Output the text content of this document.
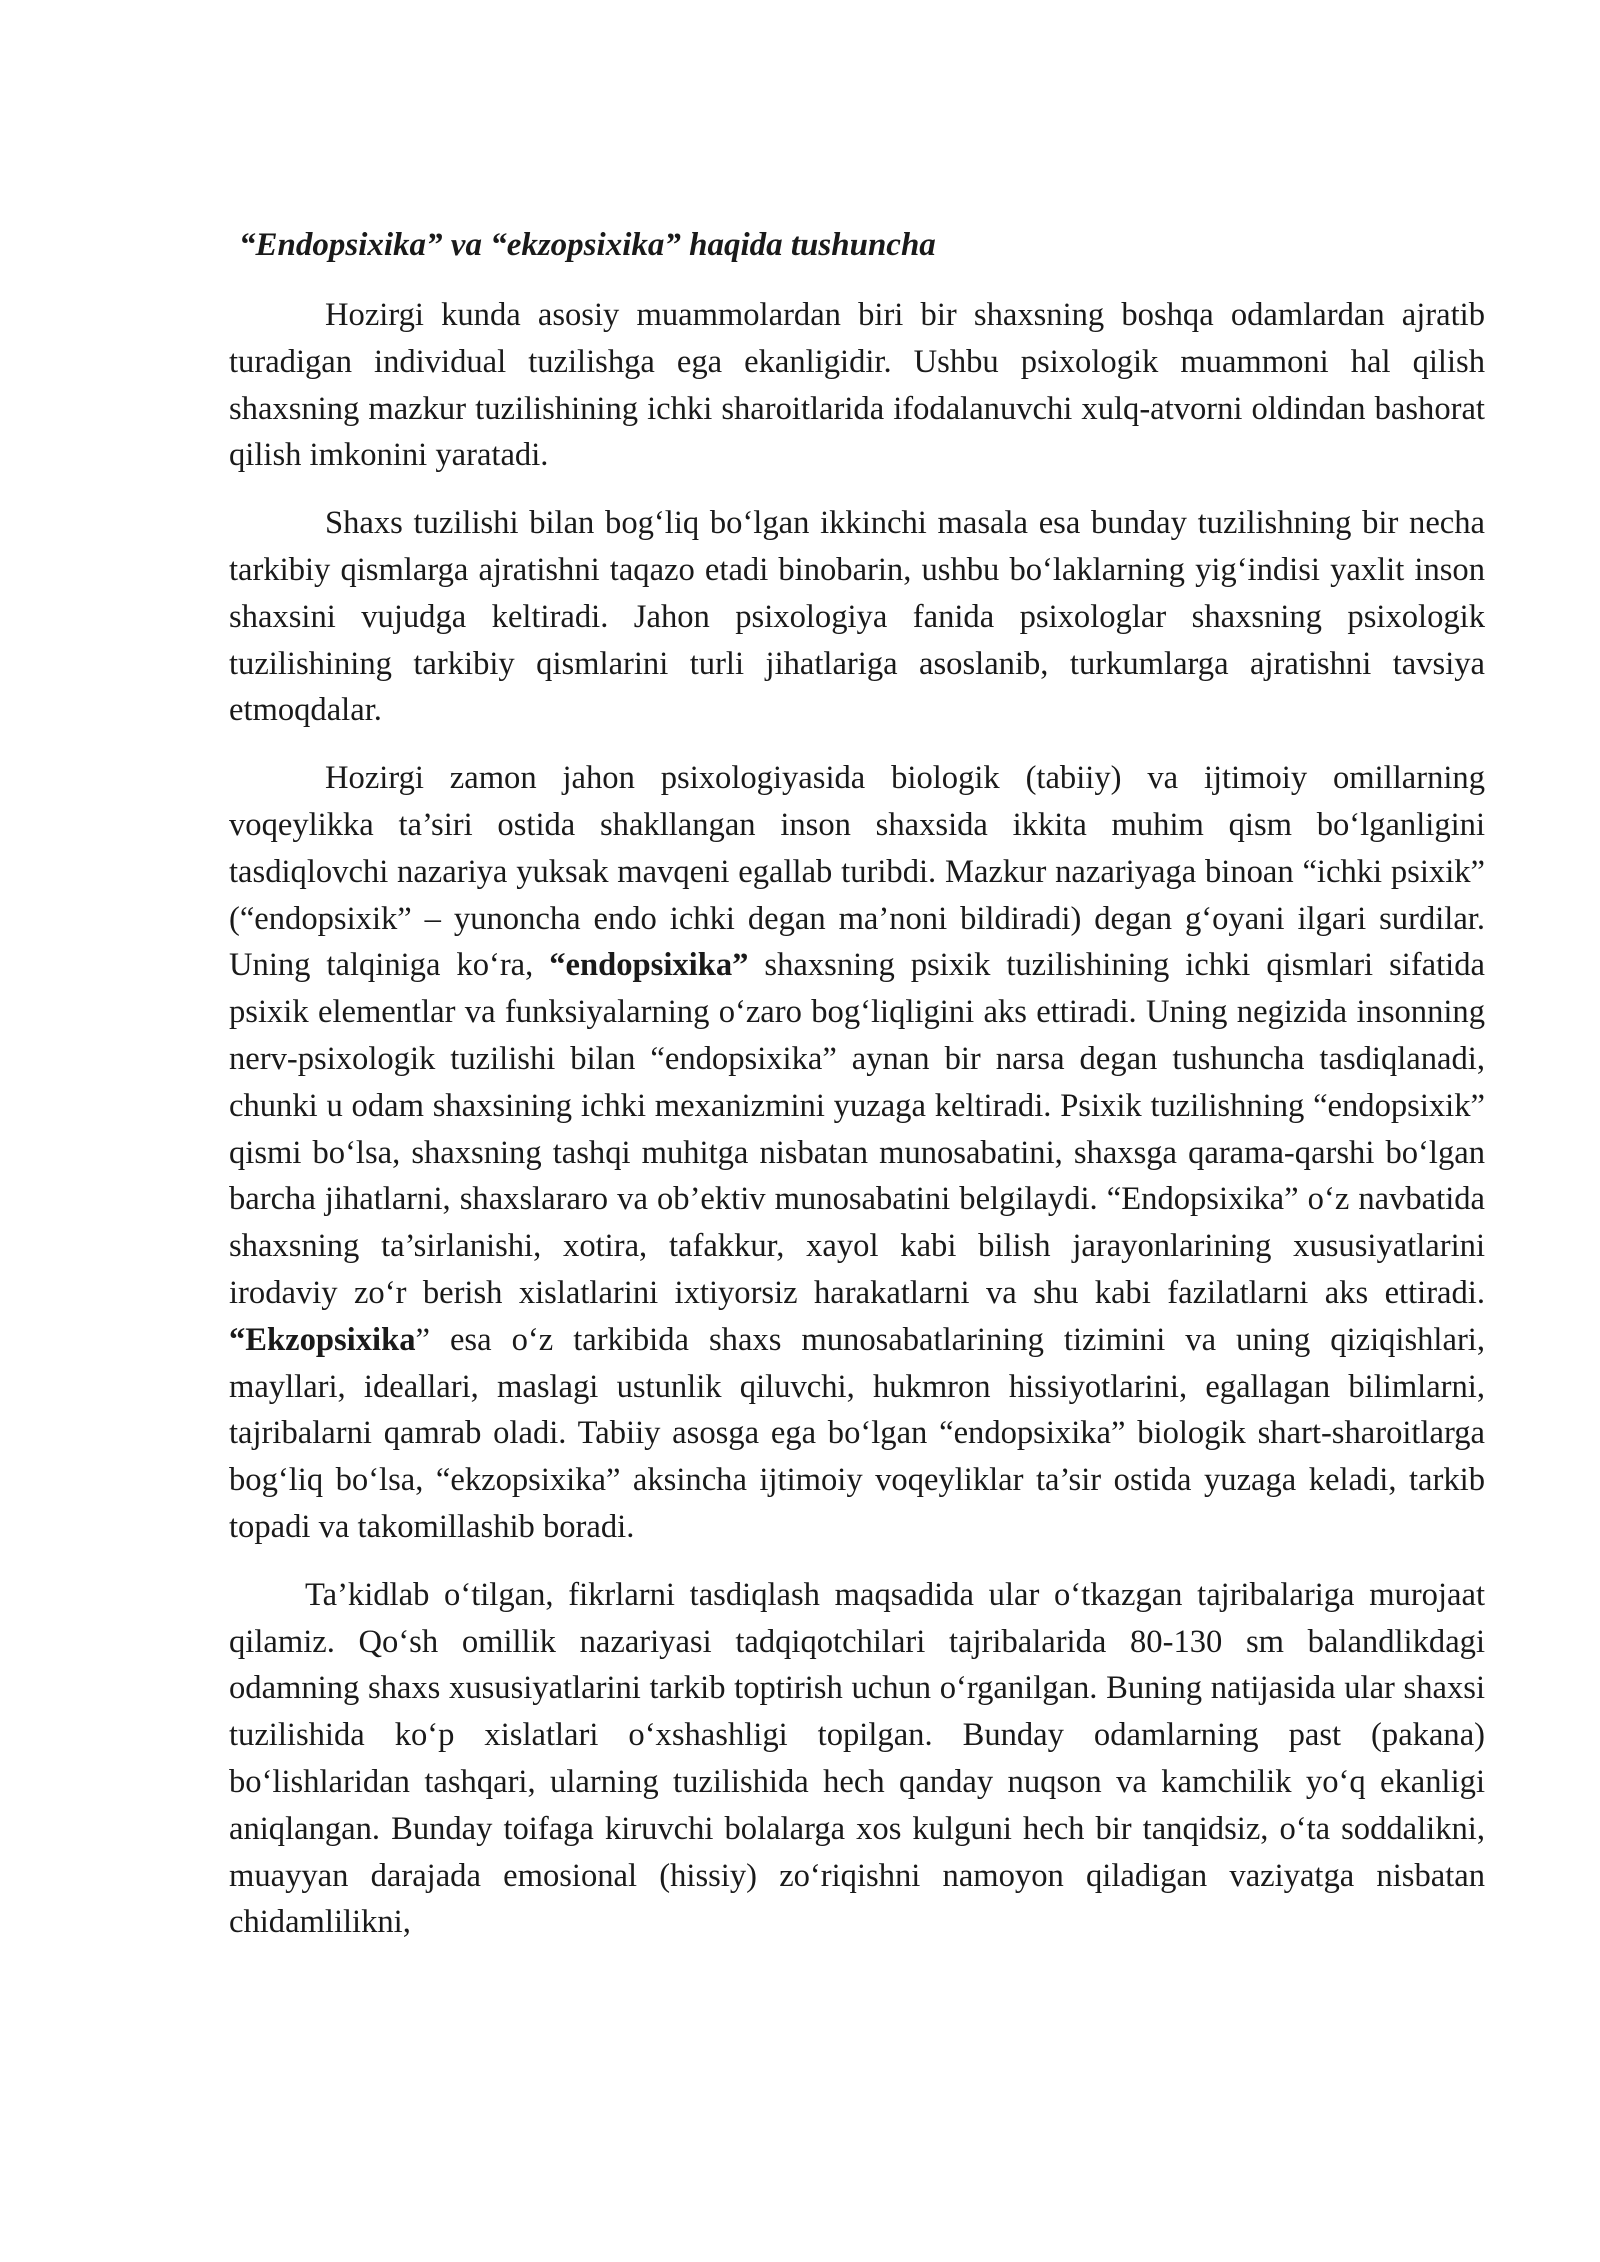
“Endopsixika” va “ekzopsixika” haqida tushuncha

Hozirgi kunda asosiy muammolardan biri bir shaxsning boshqa odamlardan ajratib turadigan individual tuzilishga ega ekanligidir. Ushbu psixologik muammoni hal qilish shaxsning mazkur tuzilishining ichki sharoitlarida ifodalanuvchi xulq-atvorni oldindan bashorat qilish imkonini yaratadi.

Shaxs tuzilishi bilan bog‘liq bo‘lgan ikkinchi masala esa bunday tuzilishning bir necha tarkibiy qismlarga ajratishni taqazo etadi binobarin, ushbu bo‘laklarning yig‘indisi yaxlit inson shaxsini vujudga keltiradi. Jahon psixologiya fanida psixologlar shaxsning psixologik tuzilishining tarkibiy qismlarini turli jihatlariga asoslanib, turkumlarga ajratishni tavsiya etmoqdalar.

Hozirgi zamon jahon psixologiyasida biologik (tabiiy) va ijtimoiy omillarning voqeylikka ta’siri ostida shakllangan inson shaxsida ikkita muhim qism bo‘lganligini tasdiqlovchi nazariya yuksak mavqeni egallab turibdi. Mazkur nazariyaga binoan “ichki psixik” (“endopsixik” – yunoncha endo ichki degan ma’noni bildiradi) degan g‘oyani ilgari surdilar. Uning talqiniga ko‘ra, “endopsixika” shaxsning psixik tuzilishining ichki qismlari sifatida psixik elementlar va funksiyalarning o‘zaro bog‘liqligini aks ettiradi. Uning negizida insonning nerv-psixologik tuzilishi bilan “endopsixika” aynan bir narsa degan tushuncha tasdiqlanadi, chunki u odam shaxsining ichki mexanizmini yuzaga keltiradi. Psixik tuzilishning “endopsixik” qismi bo‘lsa, shaxsning tashqi muhitga nisbatan munosabatini, shaxsga qarama-qarshi bo‘lgan barcha jihatlarni, shaxslararo va ob’ektiv munosabatini belgilaydi. “Endopsixika” o‘z navbatida shaxsning ta’sirlanishi, xotira, tafakkur, xayol kabi bilish jarayonlarining xususiyatlarini irodaviy zo‘r berish xislatlarini ixtiyorsiz harakatlarni va shu kabi fazilatlarni aks ettiradi. “Ekzopsixika” esa o‘z tarkibida shaxs munosabatlarining tizimini va uning qiziqishlari, mayllari, ideallari, maslagi ustunlik qiluvchi, hukmron hissiyotlarini, egallagan bilimlarni, tajribalarni qamrab oladi. Tabiiy asosga ega bo‘lgan “endopsixika” biologik shart-sharoitlarga bog‘liq bo‘lsa, “ekzopsixika” aksincha ijtimoiy voqeyliklar ta’sir ostida yuzaga keladi, tarkib topadi va takomillashib boradi.

Ta’kidlab o‘tilgan, fikrlarni tasdiqlash maqsadida ular o‘tkazgan tajribalariga murojaat qilamiz. Qo‘sh omillik nazariyasi tadqiqotchilari tajribalarida 80-130 sm balandlikdagi odamning shaxs xususiyatlarini tarkib toptirish uchun o‘rganilgan. Buning natijasida ular shaxsi tuzilishida ko‘p xislatlari o‘xshashligi topilgan. Bunday odamlarning past (pakana) bo‘lishlaridan tashqari, ularning tuzilishida hech qanday nuqson va kamchilik yo‘q ekanligi aniqlangan. Bunday toifaga kiruvchi bolalarga xos kulguni hech bir tanqidsiz, o‘ta soddalikni, muayyan darajada emosional (hissiy) zo‘riqishni namoyon qiladigan vaziyatga nisbatan chidamlilikni,
